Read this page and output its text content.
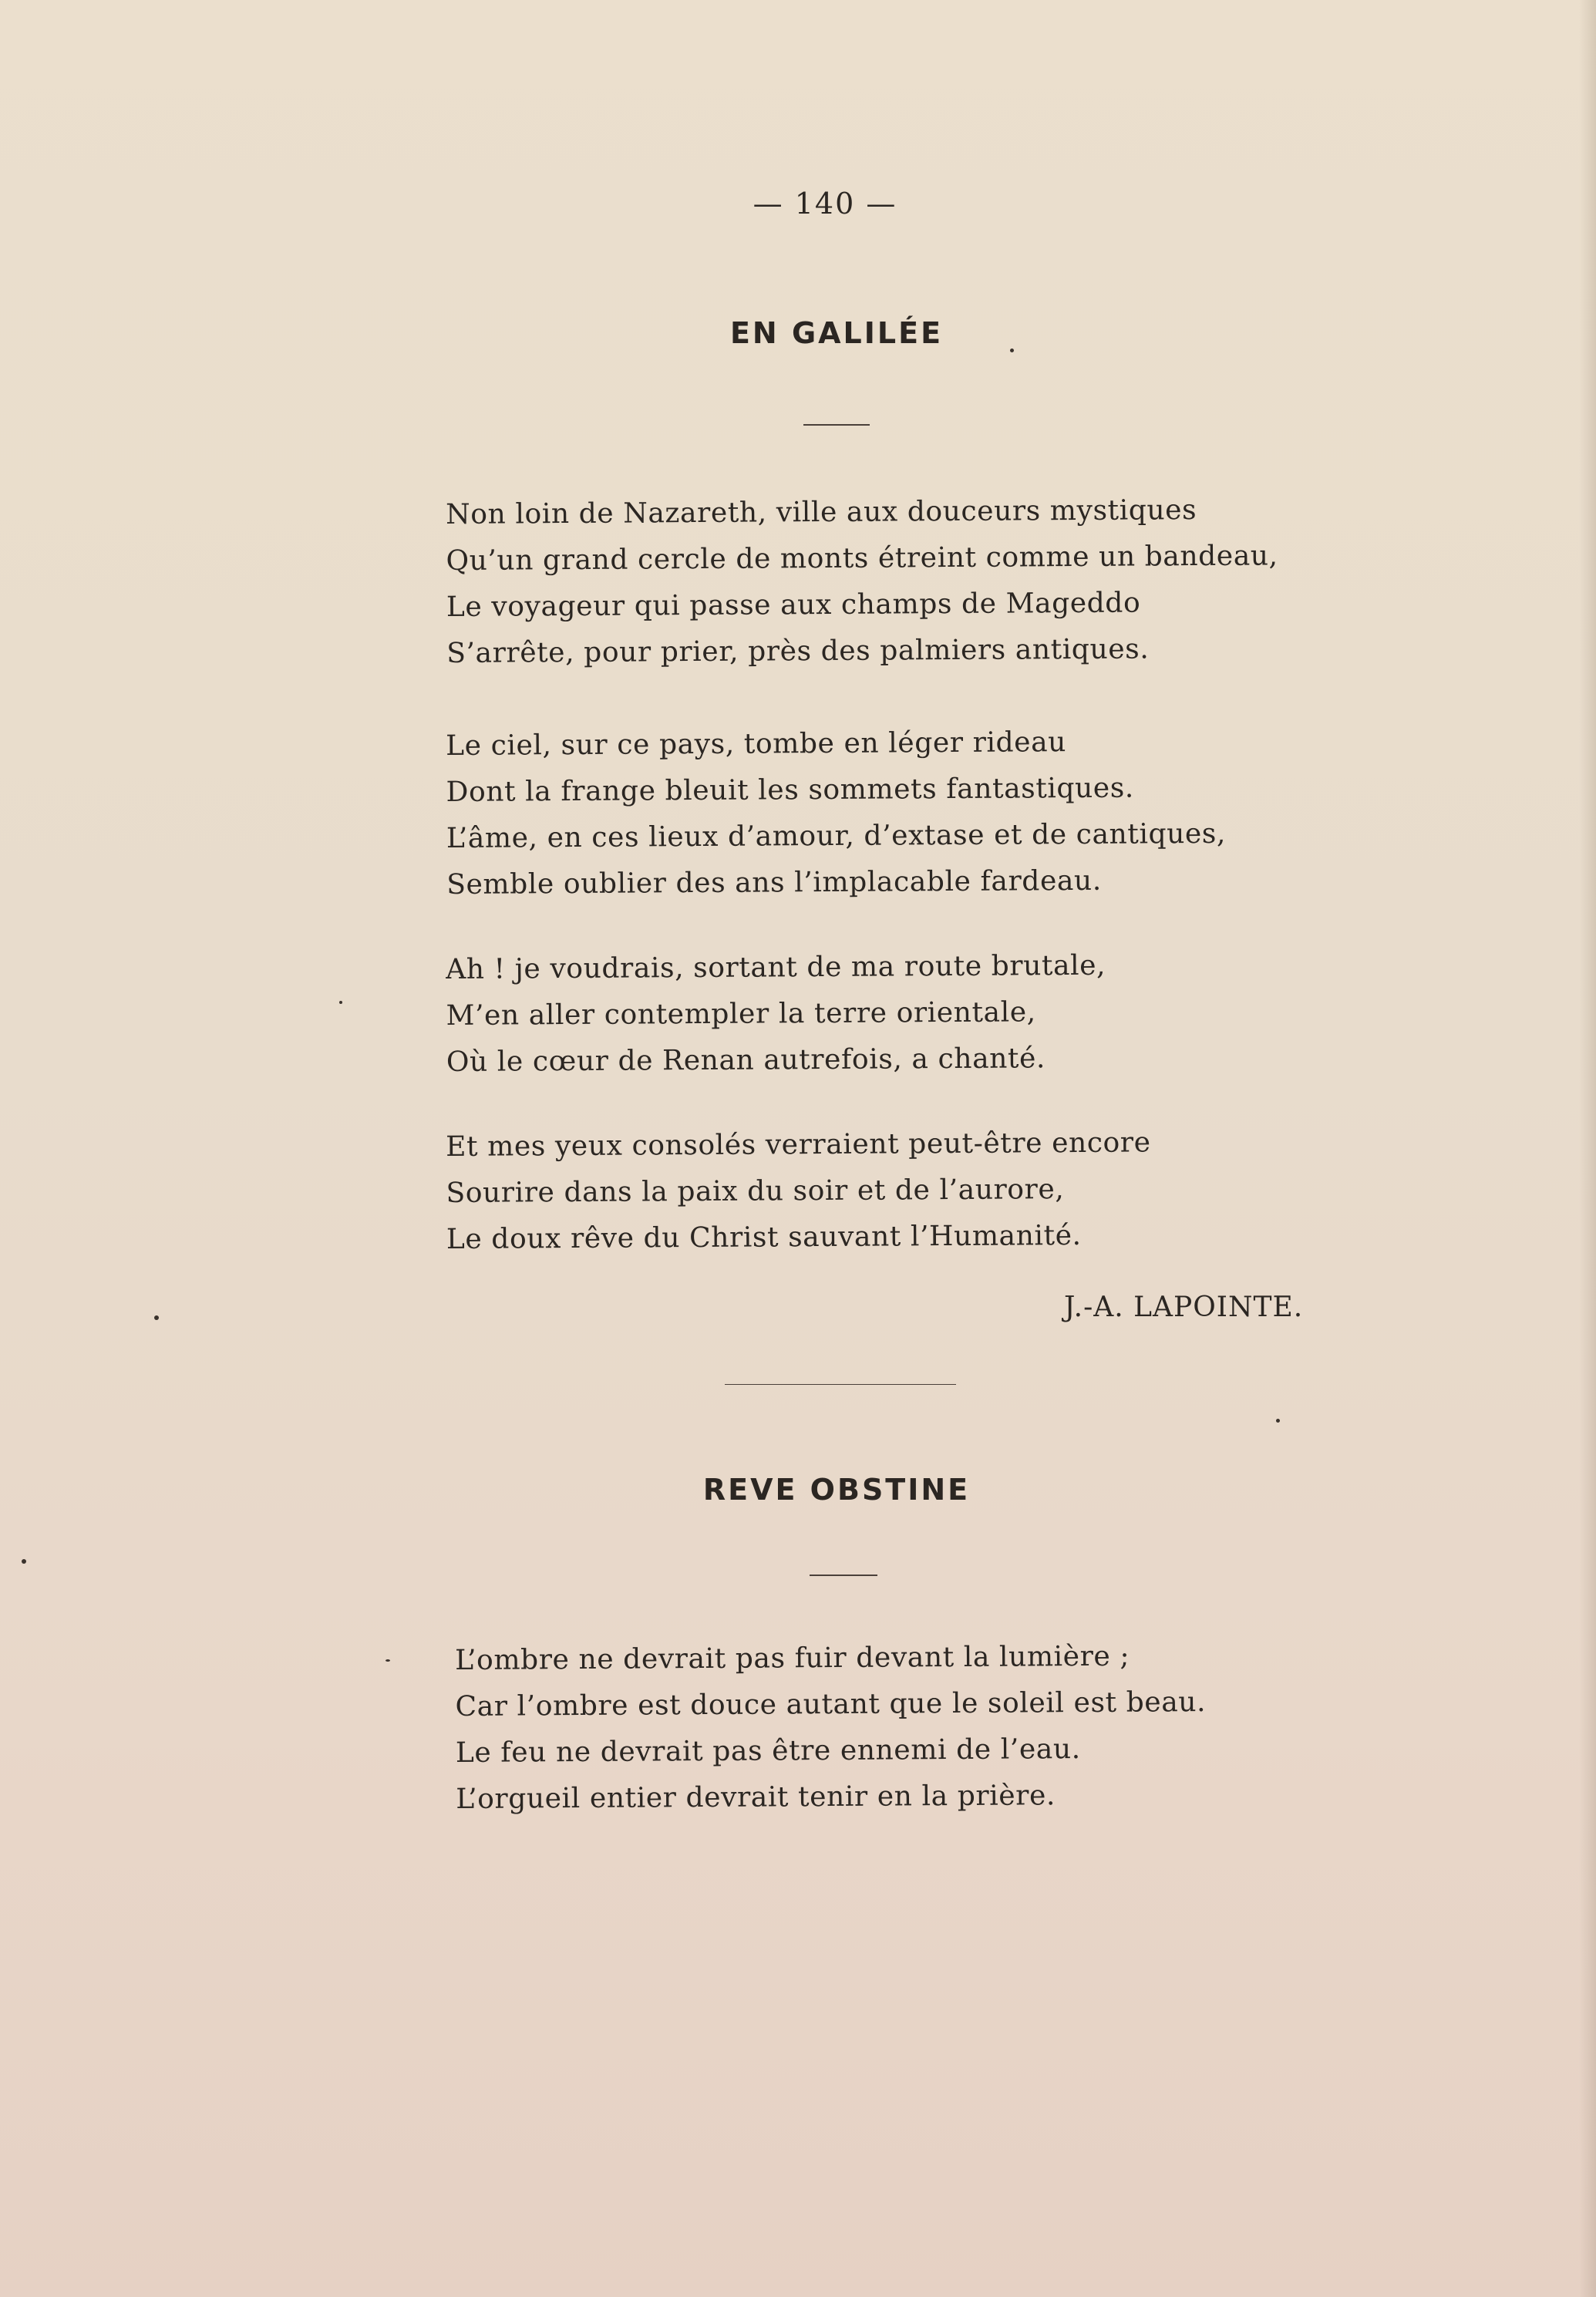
— 140 —
EN GALILÉE
Non loin de Nazareth, ville aux douceurs mystiques
Qu’un grand cercle de monts étreint comme un bandeau,
Le voyageur qui passe aux champs de Mageddo
S’arrête, pour prier, près des palmiers antiques.
Le ciel, sur ce pays, tombe en léger rideau
Dont la frange bleuit les sommets fantastiques.
L’âme, en ces lieux d’amour, d’extase et de cantiques,
Semble oublier des ans l’implacable fardeau.
Ah ! je voudrais, sortant de ma route brutale,
M’en aller contempler la terre orientale,
Où le cœur de Renan autrefois, a chanté.
Et mes yeux consolés verraient peut-être encore
Sourire dans la paix du soir et de l’aurore,
Le doux rêve du Christ sauvant l’Humanité.
J.-A. LAPOINTE.
REVE OBSTINE
L’ombre ne devrait pas fuir devant la lumière ;
Car l’ombre est douce autant que le soleil est beau.
Le feu ne devrait pas être ennemi de l’eau.
L’orgueil entier devrait tenir en la prière.
